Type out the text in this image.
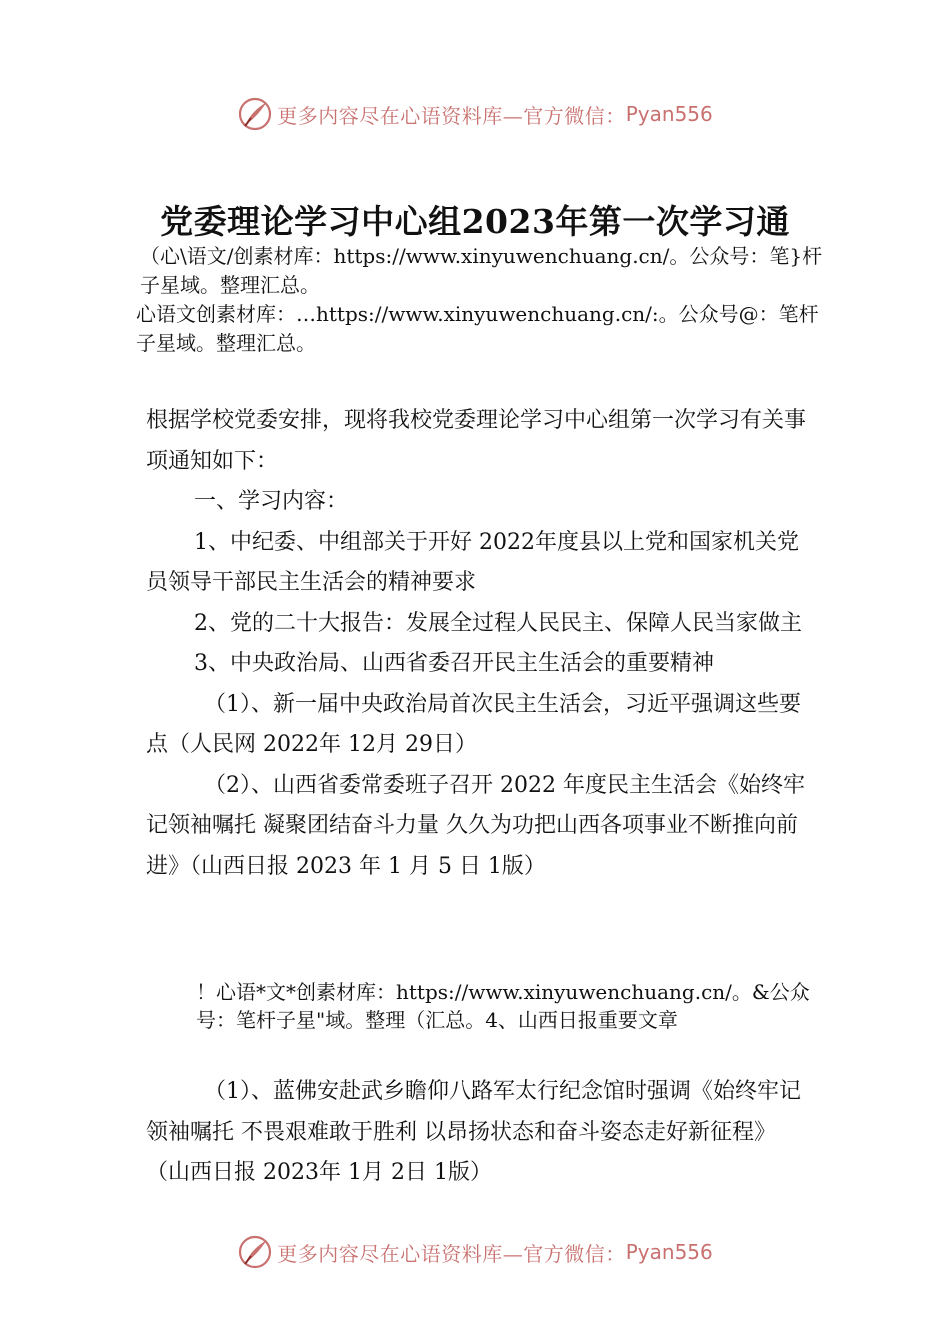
更多内容尽在心语资料库—官方微信： Pyan556
党委理论学习中心组2023年第一次学习通

（心\语文/创素材库：https://www.xinyuwenchuang.cn/。公众号：笔}杆子星域。整理汇总。

心语文创素材库：…https://www.xinyuwenchuang.cn/:。公众号@：笔杆子星域。整理汇总。

根据学校党委安排，现将我校党委理论学习中心组第一次学习有关事项通知如下：

一、学习内容：

1、中纪委、中组部关于开好 2022年度县以上党和国家机关党员领导干部民主生活会的精神要求

2、党的二十大报告：发展全过程人民民主、保障人民当家做主

3、中央政治局、山西省委召开民主生活会的重要精神

（1）、新一届中央政治局首次民主生活会，习近平强调这些要点（人民网 2022年 12月 29日）

（2）、山西省委常委班子召开 2022 年度民主生活会《始终牢记领袖嘱托 凝聚团结奋斗力量 久久为功把山西各项事业不断推向前进》（山西日报 2023 年 1 月 5 日 1版）

！心语*文*创素材库：https://www.xinyuwenchuang.cn/。&公众号：笔杆子星"域。整理（汇总。4、山西日报重要文章

（1）、蓝佛安赴武乡瞻仰八路军太行纪念馆时强调《始终牢记领袖嘱托 不畏艰难敢于胜利 以昂扬状态和奋斗姿态走好新征程》（山西日报 2023年 1月 2日 1版）

更多内容尽在心语资料库—官方微信： Pyan556
